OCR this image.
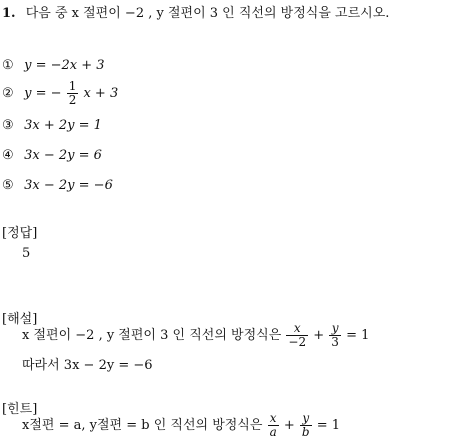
1. 다음 중 x 절편이 −2 , y 절편이 3 인 직선의 방정식을 고르시오.
① y = −2x + 3
② y = − $\frac{1}{2}$ x + 3
③ 3x + 2y = 1
④ 3x − 2y = 6
⑤ 3x − 2y = −6
[정답]
5
[해설]
x 절편이 −2 , y 절편이 3 인 직선의 방정식은 $\frac{x}{-2} + \frac{y}{3} = 1$
따라서 3x − 2y = −6
[힌트]
x절편 = a, y절편 = b 인 직선의 방정식은 $\frac{x}{a} + \frac{y}{b} = 1$
